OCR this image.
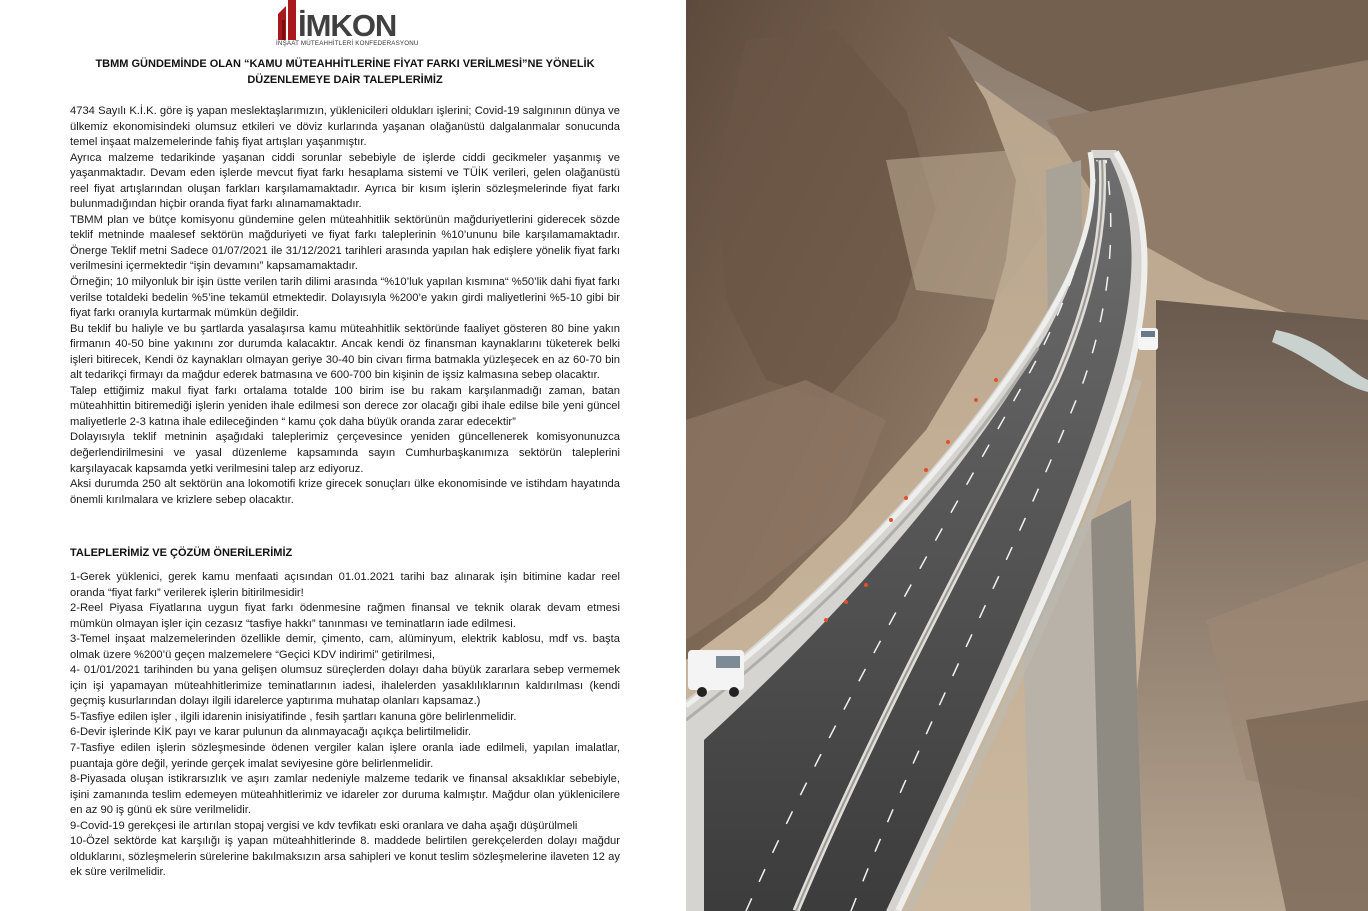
İMKON
İNŞAAT MÜTEAHHİTLERİ KONFEDERASYONU
TBMM GÜNDEMİNDE OLAN “KAMU MÜTEAHHİTLERİNE FİYAT FARKI VERİLMESİ”NE YÖNELİK
DÜZENLEMEYE DAİR TALEPLERİMİZ

4734 Sayılı K.İ.K. göre iş yapan meslektaşlarımızın, yüklenicileri oldukları işlerini; Covid-19 salgınının dünya ve ülkemiz ekonomisindeki olumsuz etkileri ve döviz kurlarında yaşanan olağanüstü dalgalanmalar sonucunda temel inşaat malzemelerinde fahiş fiyat artışları yaşanmıştır.

Ayrıca malzeme tedarikinde yaşanan ciddi sorunlar sebebiyle de işlerde ciddi gecikmeler yaşanmış ve yaşanmaktadır. Devam eden işlerde mevcut fiyat farkı hesaplama sistemi ve TÜİK verileri, gelen olağanüstü reel fiyat artışlarından oluşan farkları karşılamamaktadır. Ayrıca bir kısım işlerin sözleşmelerinde fiyat farkı bulunmadığından hiçbir oranda fiyat farkı alınamamaktadır.

TBMM plan ve bütçe komisyonu gündemine gelen müteahhitlik sektörünün mağduriyetlerini giderecek sözde teklif metninde maalesef sektörün mağduriyeti ve fiyat farkı taleplerinin %10’ununu bile karşılamamaktadır. Önerge Teklif metni Sadece 01/07/2021 ile 31/12/2021 tarihleri arasında yapılan hak edişlere yönelik fiyat farkı verilmesini içermektedir “işin devamını” kapsamamaktadır.

Örneğin; 10 milyonluk bir işin üstte verilen tarih dilimi arasında “%10’luk yapılan kısmına“ %50’lik dahi fiyat farkı verilse totaldeki bedelin %5’ine tekamül etmektedir. Dolayısıyla %200’e yakın girdi maliyetlerini %5-10 gibi bir fiyat farkı oranıyla kurtarmak mümkün değildir.

Bu teklif bu haliyle ve bu şartlarda yasalaşırsa kamu müteahhitlik sektöründe faaliyet gösteren 80 bine yakın firmanın 40-50 bine yakınını zor durumda kalacaktır. Ancak kendi öz finansman kaynaklarını tüketerek belki işleri bitirecek, Kendi öz kaynakları olmayan geriye 30-40 bin civarı firma batmakla yüzleşecek en az 60-70 bin alt tedarikçi firmayı da mağdur ederek batmasına ve 600-700 bin kişinin de işsiz kalmasına sebep olacaktır.

Talep ettiğimiz makul fiyat farkı ortalama totalde 100 birim ise bu rakam karşılanmadığı zaman, batan müteahhittin bitiremediği işlerin yeniden ihale edilmesi son derece zor olacağı gibi ihale edilse bile yeni güncel maliyetlerle 2-3 katına ihale edileceğinden “ kamu çok daha büyük oranda zarar edecektir”

Dolayısıyla teklif metninin aşağıdaki taleplerimiz çerçevesince yeniden güncellenerek komisyonunuzca değerlendirilmesini ve yasal düzenleme kapsamında sayın Cumhurbaşkanımıza sektörün taleplerini karşılayacak kapsamda yetki verilmesini talep arz ediyoruz.

Aksi durumda 250 alt sektörün ana lokomotifi krize girecek sonuçları ülke ekonomisinde ve istihdam hayatında önemli kırılmalara ve krizlere sebep olacaktır.

TALEPLERİMİZ VE ÇÖZÜM ÖNERİLERİMİZ

1-Gerek yüklenici, gerek kamu menfaati açısından 01.01.2021 tarihi baz alınarak işin bitimine kadar reel oranda “fiyat farkı” verilerek işlerin bitirilmesidir!

2-Reel Piyasa Fiyatlarına uygun fiyat farkı ödenmesine rağmen finansal ve teknik olarak devam etmesi mümkün olmayan işler için cezasız “tasfiye hakkı” tanınması ve teminatların iade edilmesi.

3-Temel inşaat malzemelerinden özellikle demir, çimento, cam, alüminyum, elektrik kablosu, mdf vs. başta olmak üzere %200’ü geçen malzemelere “Geçici KDV indirimi” getirilmesi,

4- 01/01/2021 tarihinden bu yana gelişen olumsuz süreçlerden dolayı daha büyük zararlara sebep vermemek için işi yapamayan müteahhitlerimize teminatlarının iadesi, ihalelerden yasaklılıklarının kaldırılması (kendi geçmiş kusurlarından dolayı ilgili idarelerce yaptırıma muhatap olanları kapsamaz.)

5-Tasfiye edilen işler , ilgili idarenin inisiyatifinde , fesih şartları kanuna göre belirlenmelidir.

6-Devir işlerinde KİK payı ve karar pulunun da alınmayacağı açıkça belirtilmelidir.

7-Tasfiye edilen işlerin sözleşmesinde ödenen vergiler kalan işlere oranla iade edilmeli, yapılan imalatlar, puantaja göre değil, yerinde gerçek imalat seviyesine göre belirlenmelidir.

8-Piyasada oluşan istikrarsızlık ve aşırı zamlar nedeniyle malzeme tedarik ve finansal aksaklıklar sebebiyle, işini zamanında teslim edemeyen müteahhitlerimiz ve idareler zor duruma kalmıştır. Mağdur olan yüklenicilere en az 90 iş günü ek süre verilmelidir.

9-Covid-19 gerekçesi ile artırılan stopaj vergisi ve kdv tevfikatı eski oranlara ve daha aşağı düşürülmeli

10-Özel sektörde kat karşılığı iş yapan müteahhitlerinde 8. maddede belirtilen gerekçelerden dolayı mağdur olduklarını, sözleşmelerin sürelerine bakılmaksızın arsa sahipleri ve konut teslim sözleşmelerine ilaveten 12 ay ek süre verilmelidir.
